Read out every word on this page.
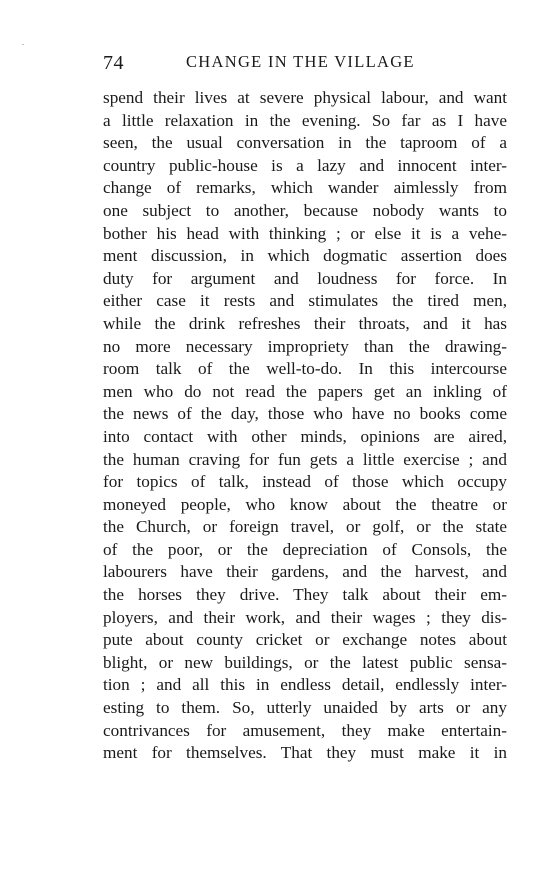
74	CHANGE IN THE VILLAGE
spend their lives at severe physical labour, and want
a little relaxation in the evening. So far as I have
seen, the usual conversation in the taproom of a
country public-house is a lazy and innocent inter-
change of remarks, which wander aimlessly from
one subject to another, because nobody wants to
bother his head with thinking ; or else it is a vehe-
ment discussion, in which dogmatic assertion does
duty for argument and loudness for force. In
either case it rests and stimulates the tired men,
while the drink refreshes their throats, and it has
no more necessary impropriety than the drawing-
room talk of the well-to-do. In this intercourse
men who do not read the papers get an inkling of
the news of the day, those who have no books come
into contact with other minds, opinions are aired,
the human craving for fun gets a little exercise ; and
for topics of talk, instead of those which occupy
moneyed people, who know about the theatre or
the Church, or foreign travel, or golf, or the state
of the poor, or the depreciation of Consols, the
labourers have their gardens, and the harvest, and
the horses they drive. They talk about their em-
ployers, and their work, and their wages ; they dis-
pute about county cricket or exchange notes about
blight, or new buildings, or the latest public sensa-
tion ; and all this in endless detail, endlessly inter-
esting to them. So, utterly unaided by arts or any
contrivances for amusement, they make entertain-
ment for themselves. That they must make it in
